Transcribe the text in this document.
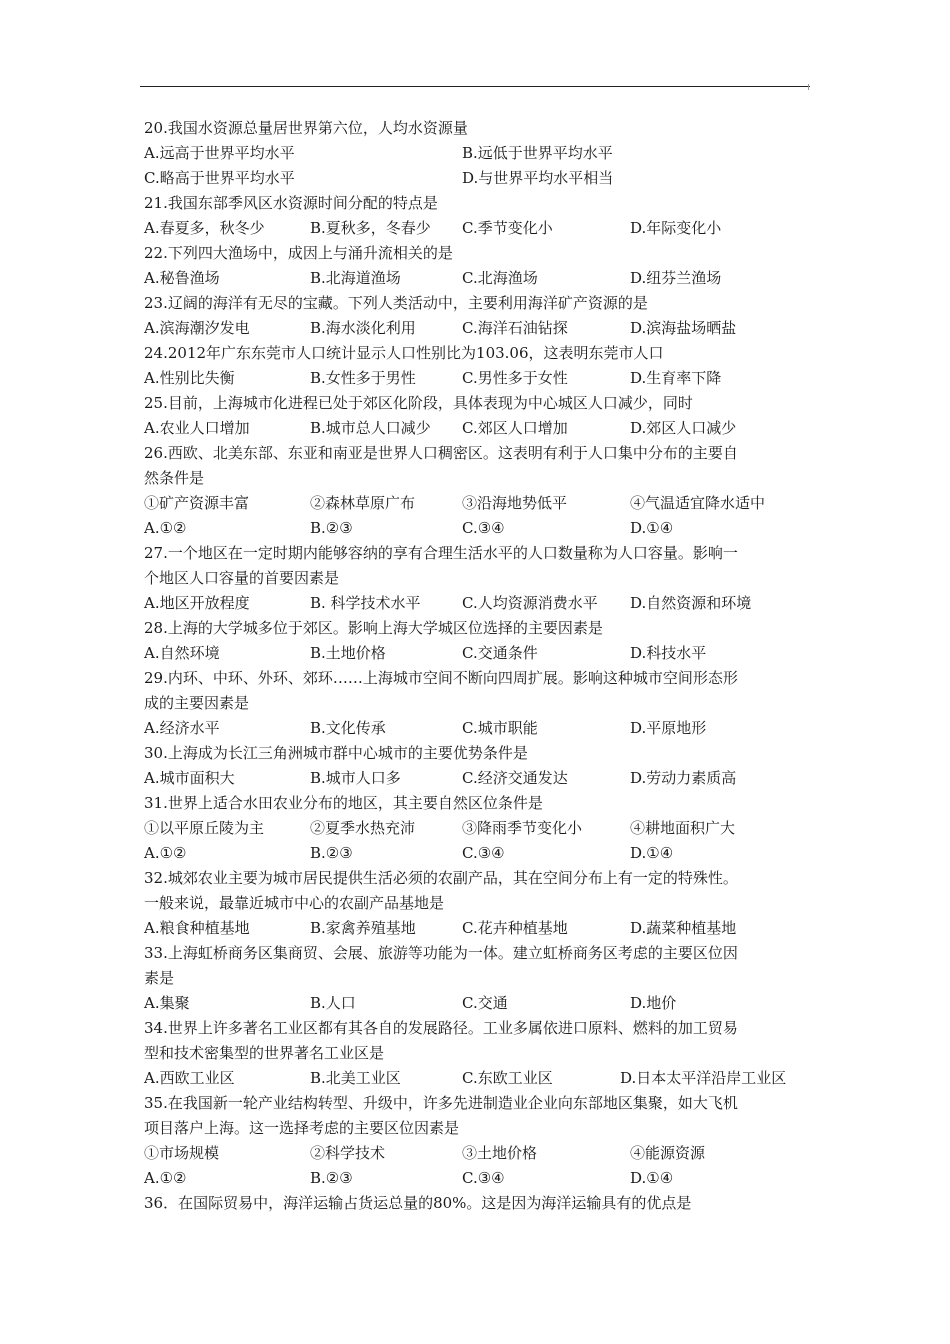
20.我国水资源总量居世界第六位，人均水资源量
A.远高于世界平均水平	B.远低于世界平均水平
C.略高于世界平均水平	D.与世界平均水平相当
21.我国东部季风区水资源时间分配的特点是
A.春夏多，秋冬少	B.夏秋多，冬春少 C.季节变化小	D.年际变化小
22.下列四大渔场中，成因上与涌升流相关的是
A.秘鲁渔场	B.北海道渔场	C.北海渔场	D.纽芬兰渔场
23.辽阔的海洋有无尽的宝藏。下列人类活动中，主要利用海洋矿产资源的是
A.滨海潮汐发电	B.海水淡化利用	C.海洋石油钻探	D.滨海盐场晒盐
24.2012年广东东莞市人口统计显示人口性别比为103.06，这表明东莞市人口
A.性别比失衡	B.女性多于男性	C.男性多于女性	D.生育率下降
25.目前，上海城市化进程已处于郊区化阶段，具体表现为中心城区人口减少，同时
A.农业人口增加	B.城市总人口减少 C.郊区人口增加	D.郊区人口减少
26.西欧、北美东部、东亚和南亚是世界人口稠密区。这表明有利于人口集中分布的主要自
然条件是
①矿产资源丰富	②森林草原广布	③沿海地势低平	④气温适宜降水适中
A.①②	B.②③	C.③④	D.①④
27.一个地区在一定时期内能够容纳的享有合理生活水平的人口数量称为人口容量。影响一
个地区人口容量的首要因素是
A.地区开放程度	B. 科学技术水平	C.人均资源消费水平 D.自然资源和环境
28.上海的大学城多位于郊区。影响上海大学城区位选择的主要因素是
A.自然环境	B.土地价格	C.交通条件	D.科技水平
29.内环、中环、外环、郊环……上海城市空间不断向四周扩展。影响这种城市空间形态形
成的主要因素是
A.经济水平	B.文化传承	C.城市职能	D.平原地形
30.上海成为长江三角洲城市群中心城市的主要优势条件是
A.城市面积大	B.城市人口多	C.经济交通发达	D.劳动力素质高
31.世界上适合水田农业分布的地区，其主要自然区位条件是
①以平原丘陵为主	②夏季水热充沛	③降雨季节变化小	④耕地面积广大
A.①②	B.②③	C.③④	D.①④
32.城郊农业主要为城市居民提供生活必须的农副产品，其在空间分布上有一定的特殊性。
一般来说，最靠近城市中心的农副产品基地是
A.粮食种植基地	B.家禽养殖基地	C.花卉种植基地	D.蔬菜种植基地
33.上海虹桥商务区集商贸、会展、旅游等功能为一体。建立虹桥商务区考虑的主要区位因
素是
A.集聚	B.人口	C.交通	D.地价
34.世界上许多著名工业区都有其各自的发展路径。工业多属依进口原料、燃料的加工贸易
型和技术密集型的世界著名工业区是
A.西欧工业区	B.北美工业区	C.东欧工业区	D.日本太平洋沿岸工业区
35.在我国新一轮产业结构转型、升级中，许多先进制造业企业向东部地区集聚，如大飞机
项目落户上海。这一选择考虑的主要区位因素是
①市场规模	②科学技术	③土地价格	④能源资源
A.①②	B.②③	C.③④	D.①④
36．在国际贸易中，海洋运输占货运总量的80%。这是因为海洋运输具有的优点是
